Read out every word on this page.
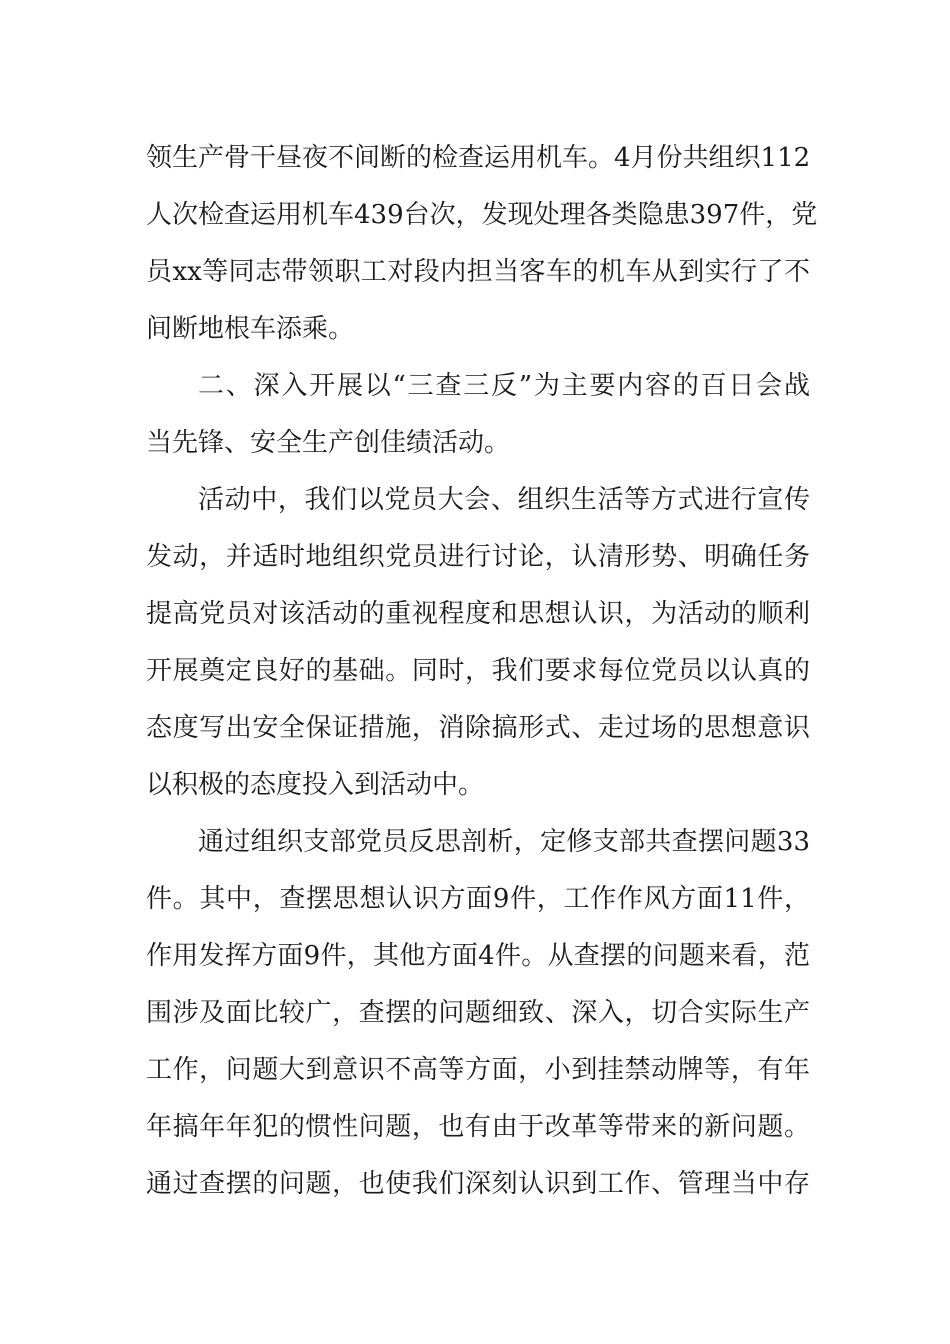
领生产骨干昼夜不间断的检查运用机车。4月份共组织112
人次检查运用机车439台次，发现处理各类隐患397件，党
员xx等同志带领职工对段内担当客车的机车从到实行了不
间断地根车添乘。
二、深入开展以“三查三反”为主要内容的百日会战
当先锋、安全生产创佳绩活动。
活动中，我们以党员大会、组织生活等方式进行宣传
发动，并适时地组织党员进行讨论，认清形势、明确任务
提高党员对该活动的重视程度和思想认识，为活动的顺利
开展奠定良好的基础。同时，我们要求每位党员以认真的
态度写出安全保证措施，消除搞形式、走过场的思想意识
以积极的态度投入到活动中。
通过组织支部党员反思剖析，定修支部共查摆问题33
件。其中，查摆思想认识方面9件，工作作风方面11件，
作用发挥方面9件，其他方面4件。从查摆的问题来看，范
围涉及面比较广，查摆的问题细致、深入，切合实际生产
工作，问题大到意识不高等方面，小到挂禁动牌等，有年
年搞年年犯的惯性问题，也有由于改革等带来的新问题。
通过查摆的问题，也使我们深刻认识到工作、管理当中存
